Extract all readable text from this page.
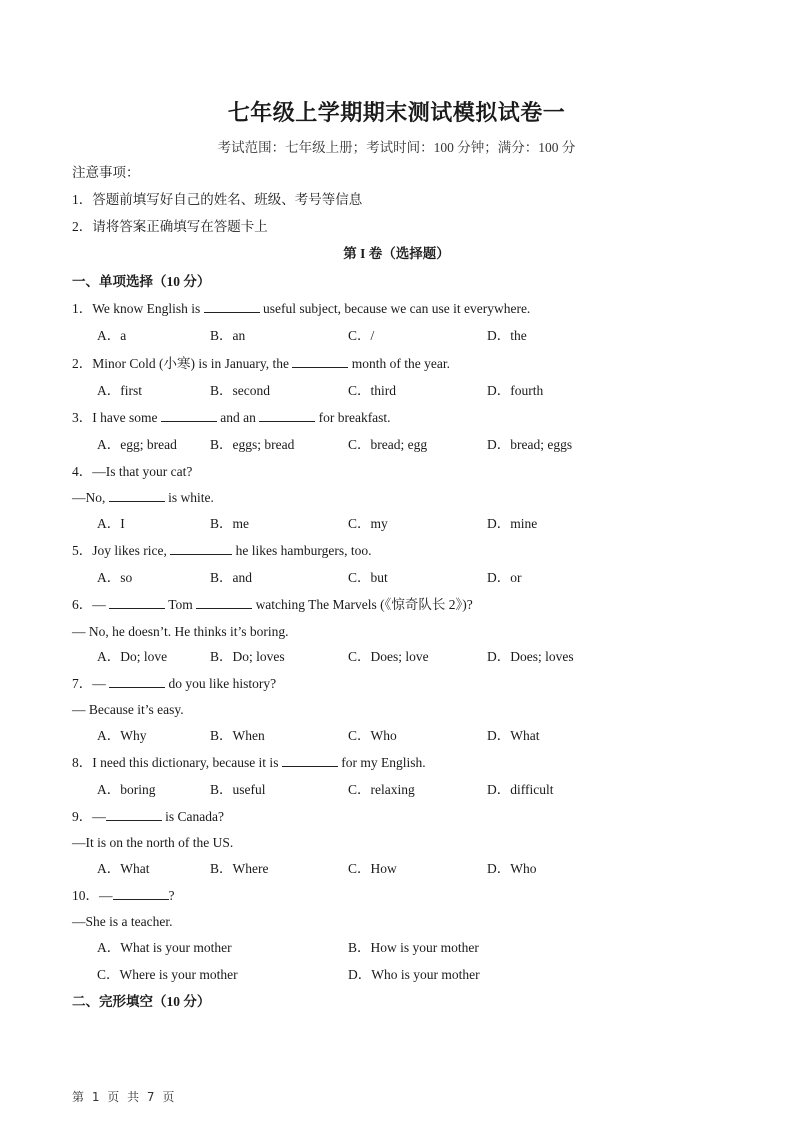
七年级上学期期末测试模拟试卷一
考试范围：七年级上册；考试时间：100 分钟；满分：100 分
注意事项：
1．答题前填写好自己的姓名、班级、考号等信息
2．请将答案正确填写在答题卡上
第 I 卷（选择题）
一、单项选择（10 分）
1．We know English is	useful subject, because we can use it everywhere.
A．a	B．an	C．/	D．the
2．Minor Cold (小寒) is in January, the	month of the year.
A．first	B．second	C．third	D．fourth
3．I have some	and an	for breakfast.
A．egg; bread B．eggs; bread	C．bread; egg	D．bread; eggs
4．—Is that your cat?
—No,	is white.
A．I	B．me	C．my	D．mine
5．Joy likes rice,	he likes hamburgers, too.
A．so	B．and	C．but	D．or
6．—	Tom	watching The Marvels (《惊奇队长 2》)?
— No, he doesn’t. He thinks it’s boring.
A．Do; love	B．Do; loves	C．Does; love	D．Does; loves
7．—	do you like history?
— Because it’s easy.
A．Why	B．When	C．Who	D．What
8．I need this dictionary, because it is	for my English.
A．boring	B．useful	C．relaxing	D．difficult
9．—	is Canada?
—It is on the north of the US.
A．What	B．Where	C．How	D．Who
10．—	?
—She is a teacher.
A．What is your mother	B．How is your mother
C．Where is your mother	D．Who is your mother
二、完形填空（10 分）
第 1 页 共 7 页
